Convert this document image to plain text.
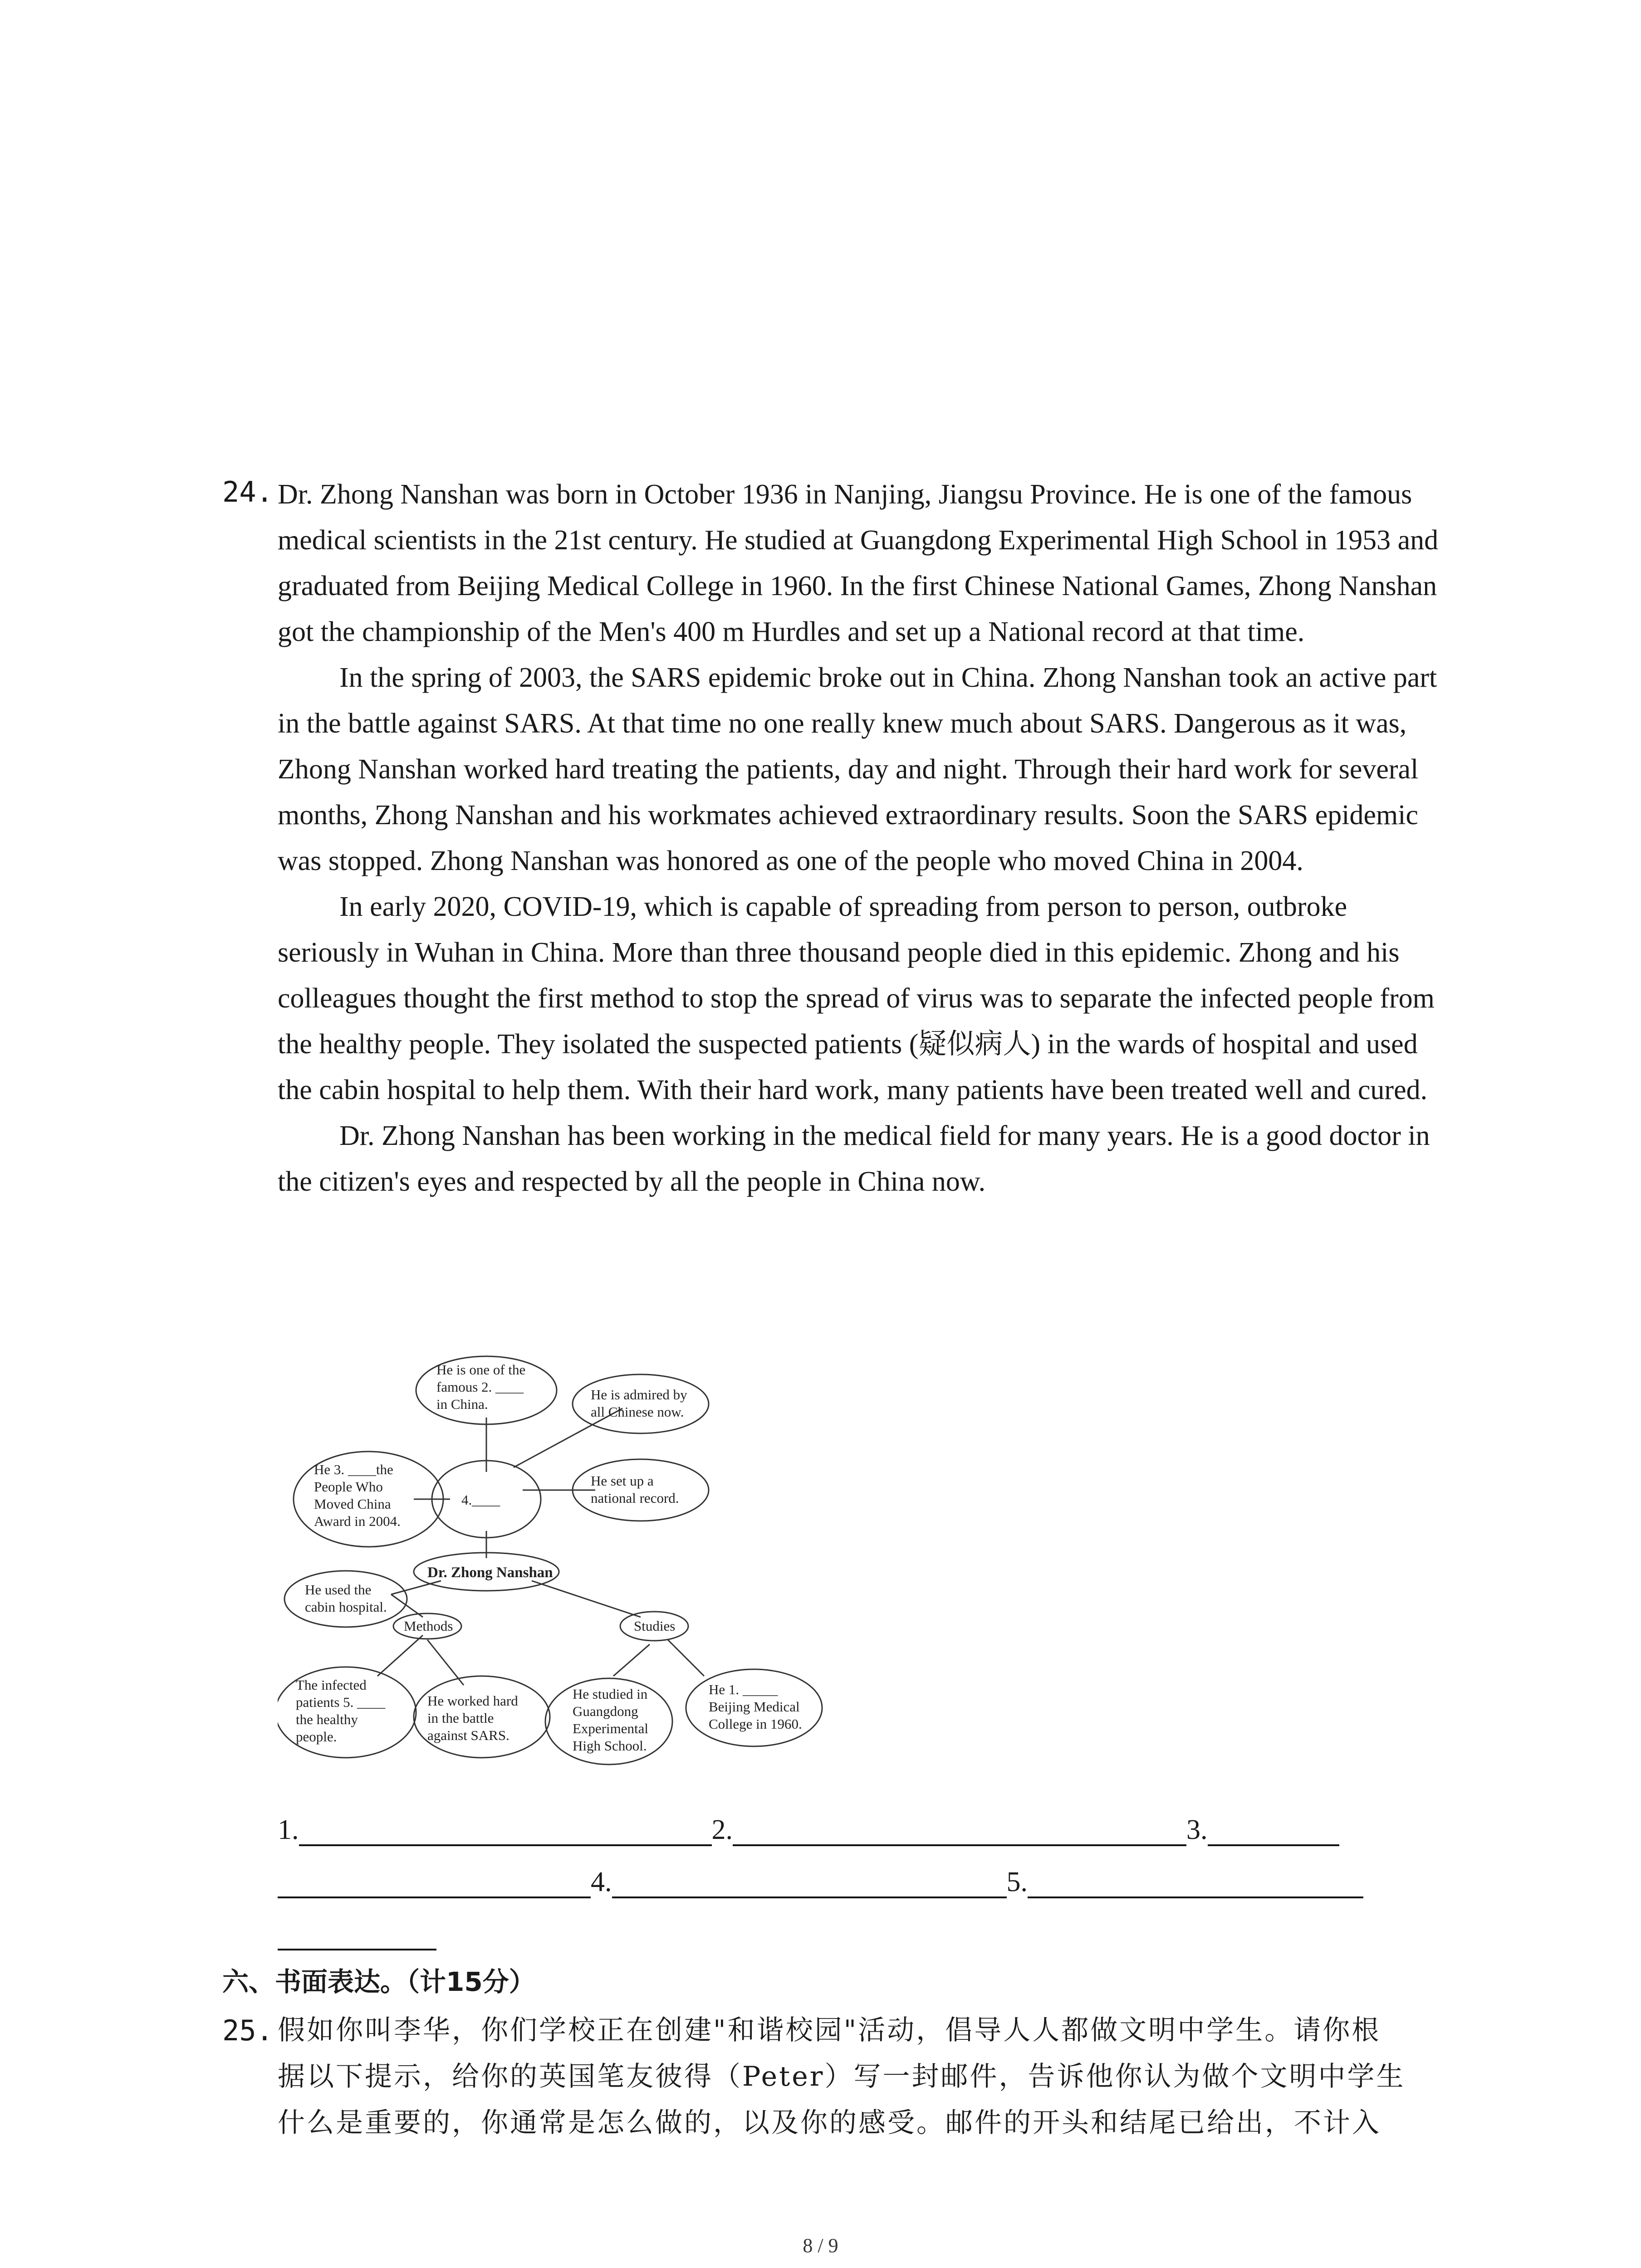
24. Dr. Zhong Nanshan was born in October 1936 in Nanjing, Jiangsu Province. He is one of the famous medical scientists in the 21st century. He studied at Guangdong Experimental High School in 1953 and graduated from Beijing Medical College in 1960. In the first Chinese National Games, Zhong Nanshan got the championship of the Men's 400 m Hurdles and set up a National record at that time.

In the spring of 2003, the SARS epidemic broke out in China. Zhong Nanshan took an active part in the battle against SARS. At that time no one really knew much about SARS. Dangerous as it was, Zhong Nanshan worked hard treating the patients, day and night. Through their hard work for several months, Zhong Nanshan and his workmates achieved extraordinary results. Soon the SARS epidemic was stopped. Zhong Nanshan was honored as one of the people who moved China in 2004.

In early 2020, COVID-19, which is capable of spreading from person to person, outbroke seriously in Wuhan in China. More than three thousand people died in this epidemic. Zhong and his colleagues thought the first method to stop the spread of virus was to separate the infected people from the healthy people. They isolated the suspected patients (疑似病人) in the wards of hospital and used the cabin hospital to help them. With their hard work, many patients have been treated well and cured.

Dr. Zhong Nanshan has been working in the medical field for many years. He is a good doctor in the citizen's eyes and respected by all the people in China now.

He is one of the
famous 2. ____
in China.
He is admired by
all Chinese now.
He 3. ____the
People Who
Moved China
Award in 2004.
4.____
He set up a
national record.
Dr. Zhong Nanshan
He used the
cabin hospital.
Methods	Studies
The infected
patients 5. ____
the healthy
people.
He worked hard
in the battle
against SARS.
He studied in
Guangdong
Experimental
High School.
He 1. _____
Beijing Medical
College in 1960.
1.	2.	3.
4.	5.
六、书面表达。（计15分）
25. 假如你叫李华，你们学校正在创建"和谐校园"活动，倡导人人都做文明中学生。请你根

据以下提示，给你的英国笔友彼得（Peter）写一封邮件，告诉他你认为做个文明中学生

什么是重要的，你通常是怎么做的，以及你的感受。邮件的开头和结尾已给出，不计入

8 / 9
